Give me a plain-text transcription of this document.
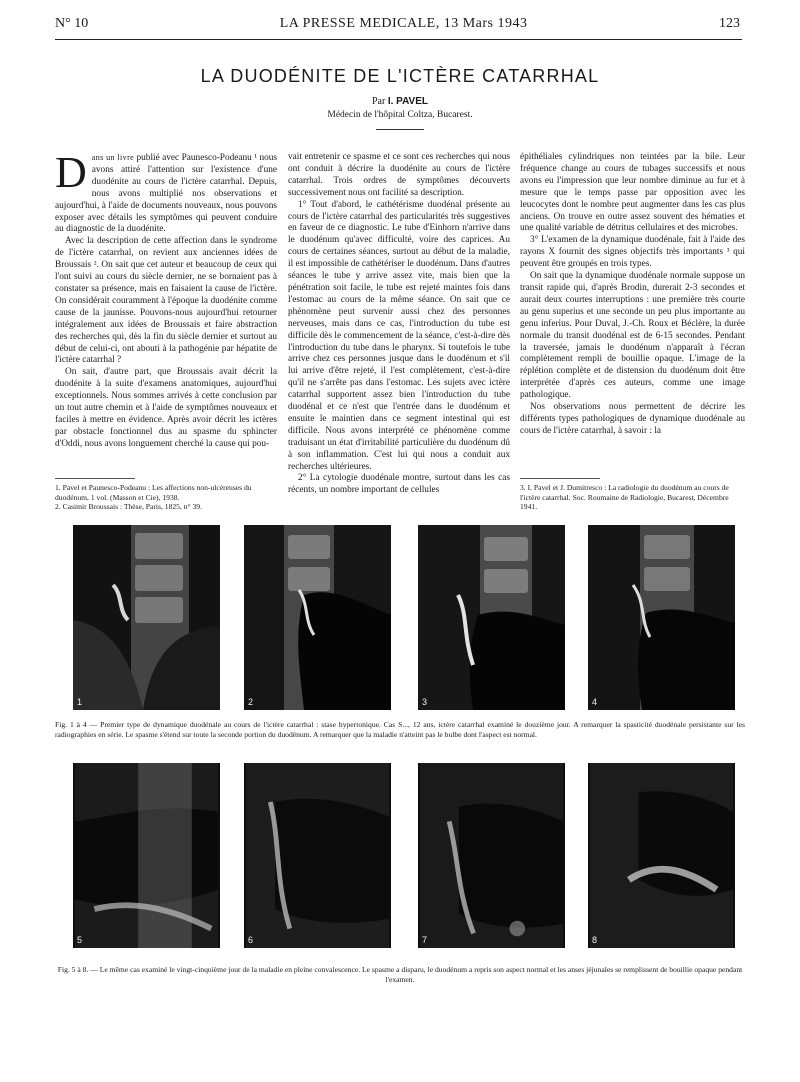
N° 10	LA PRESSE MEDICALE, 13 Mars 1943	123
LA DUODÉNITE DE L'ICTÈRE CATARRHAL
Par I. PAVEL
Médecin de l'hôpital Coltza, Bucarest.

Dans un livre publié avec Paunesco-Podeanu ¹ nous avons attiré l'attention sur l'existence d'une duodénite au cours de l'ictère catarrhal. Depuis, nous avons multiplié nos observations et aujourd'hui, à l'aide de documents nouveaux, nous pouvons exposer avec détails les symptômes qui peuvent conduire au diagnostic de la duodénite.

Avec la description de cette affection dans le syndrome de l'ictère catarrhal, on revient aux anciennes idées de Broussais ². On sait que cet auteur et beaucoup de ceux qui l'ont suivi au cours du siècle dernier, ne se bornaient pas à constater sa présence, mais en faisaient la cause de l'ictère. On considérait couramment à l'époque la duodénite comme cause de la jaunisse. Pouvons-nous aujourd'hui retourner intégralement aux idées de Broussais et faire abstraction des recherches qui, dès la fin du siècle dernier et surtout au début de celui-ci, ont abouti à la pathogénie par hépatite de l'ictère catarrhal ?

On sait, d'autre part, que Broussais avait décrit la duodénite à la suite d'examens anatomiques, aujourd'hui exceptionnels. Nous sommes arrivés à cette conclusion par un tout autre chemin et à l'aide de symptômes nouveaux et faciles à mettre en évidence. Après avoir décrit les ictères par obstacle fonctionnel dus au spasme du sphincter d'Oddi, nous avons longuement cherché la cause qui pou-

vait entretenir ce spasme et ce sont ces recherches qui nous ont conduit à décrire la duodénite au cours de l'ictère catarrhal. Trois ordres de symptômes découverts successivement nous ont facilité sa description.

1° Tout d'abord, le cathétérisme duodénal présente au cours de l'ictère catarrhal des particularités très suggestives en faveur de ce diagnostic. Le tube d'Einhorn n'arrive dans le duodénum qu'avec difficulté, voire des caprices. Au cours de certaines séances, surtout au début de la maladie, il est impossible de cathétériser le duodénum. Dans d'autres séances le tube y arrive assez vite, mais bien que la pénétration soit facile, le tube est rejeté maintes fois dans l'estomac au cours de la même séance. On sait que ce phénomène peut survenir aussi chez des personnes nerveuses, mais dans ce cas, l'introduction du tube est difficile dès le commencement de la séance, c'est-à-dire dès l'introduction du tube dans le pharynx. Si toutefois le tube arrive chez ces personnes jusque dans le duodénum et s'il lui arrive d'être rejeté, il l'est complètement, c'est-à-dire qu'il ne s'arrête pas dans l'estomac. Les sujets avec ictère catarrhal supportent assez bien l'introduction du tube duodénal et ce n'est que l'entrée dans le duodénum et ensuite le maintien dans ce segment intestinal qui est difficile. Nous avons interprété ce phénomène comme traduisant un état d'irritabilité particulière du duodénum dû à son inflammation. C'est lui qui nous a conduit aux recherches ultérieures.

2° La cytologie duodénale montre, surtout dans les cas récents, un nombre important de cellules

épithéliales cylindriques non teintées par la bile. Leur fréquence change au cours de tubages successifs et nous avons eu l'impression que leur nombre diminue au fur et à mesure que le temps passe par opposition avec les leucocytes dont le nombre peut augmenter dans les cas plus anciens. On trouve en outre assez souvent des hématies et une qualité variable de détritus cellulaires et des microbes.

3° L'examen de la dynamique duodénale, fait à l'aide des rayons X fournit des signes objectifs très importants ³ qui peuvent être groupés en trois types.

On sait que la dynamique duodénale normale suppose un transit rapide qui, d'après Brodin, durerait 2-3 secondes et aurait deux courtes interruptions : une première très courte au genu superius et une seconde un peu plus importante au genu inferius. Pour Duval, J.-Ch. Roux et Béclère, la durée normale du transit duodénal est de 6-15 secondes. Pendant la traversée, jamais le duodénum n'apparaît à l'écran complètement rempli de bouillie opaque. L'image de la réplétion complète et de distension du duodénum doit être interprétée d'après ces auteurs, comme une image pathologique.

Nos observations nous permettent de décrire les différents types pathologiques de dynamique duodénale au cours de l'ictère catarrhal, à savoir : la

1. Pavel et Paunesco-Podeanu : Les affections non-ulcéreuses du duodénum, 1 vol. (Masson et Cie), 1938.
2. Casimir Broussais : Thèse, Paris, 1825, n° 39.
3. I. Pavel et J. Dumitresco : La radiologie du duodénum au cours de l'ictère catarrhal. Soc. Roumaine de Radiologie, Bucarest, Décembre 1941.
1	2	3	4
Fig. 1 à 4 — Premier type de dynamique duodénale au cours de l'ictère catarrhal : stase hypertonique. Cas S..., 12 ans, ictère catarrhal examiné le douzième jour. A remarquer la spasticité duodénale persistante sur les radiographies en série. Le spasme s'étend sur toute la seconde portion du duodénum. A remarquer que la maladie n'atteint pas le bulbe dont l'aspect est normal.
5	6	7	8
Fig. 5 à 8. — Le même cas examiné le vingt-cinquième jour de la maladie en pleine convalescence. Le spasme a disparu, le duodénum a repris son aspect normal et les anses jéjunales se remplissent de bouillie opaque pendant l'examen.
